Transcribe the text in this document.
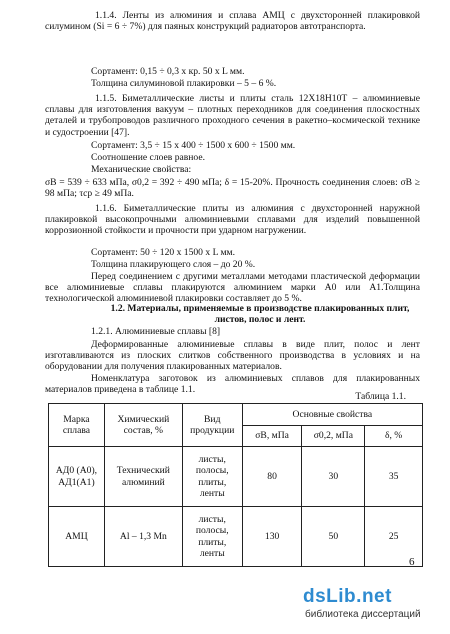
1.1.4. Ленты из алюминия и сплава АМЦ с двухсторонней плакировкой силумином (Si = 6 ÷ 7%) для паяных конструкций радиаторов автотранспорта.

Сортамент: 0,15 ÷ 0,3 х кр. 50 х L мм.

Толщина силуминовой плакировки – 5 – 6 %.

1.1.5. Биметаллические листы и плиты сталь 12Х18Н10Т – алюминиевые сплавы для изготовления вакуум – плотных переходников для соединения плоскостных деталей и трубопроводов различного проходного сечения в ракетно–космической технике и судостроении [47].

Сортамент: 3,5 ÷ 15 х 400 ÷ 1500 х 600 ÷ 1500 мм.

Соотношение слоев равное.

Механические свойства:

σВ = 539 ÷ 633 мПа, σ0,2 = 392 ÷ 490 мПа; δ = 15-20%. Прочность соединения слоев: σВ ≥ 98 мПа; τср ≥ 49 мПа.

1.1.6. Биметаллические плиты из алюминия с двухсторонней наружной плакировкой высокопрочными алюминиевыми сплавами для изделий повышенной коррозионной стойкости и прочности при ударном нагружении.

Сортамент: 50 ÷ 120 х 1500 х L мм.

Толщина плакирующего слоя – до 20 %.

Перед соединением с другими металлами методами пластической деформации все алюминиевые сплавы плакируются алюминием марки А0 или А1.Толщина технологической алюминиевой плакировки составляет до 5 %.

1.2. Материалы, применяемые в производстве плакированных плит, листов, полос и лент.

1.2.1. Алюминиевые сплавы [8]

Деформированные алюминиевые сплавы в виде плит, полос и лент изготавливаются из плоских слитков собственного производства в условиях и на оборудовании для получения плакированных материалов.

Номенклатура заготовок из алюминиевых сплавов для плакированных материалов приведена в таблице 1.1.

Таблица 1.1.
Марка сплава	Химический состав, %	Вид продукции	Основные свойства		
			σВ, мПа	σ0,2, мПа	δ, %
АД0 (А0), АД1(А1)	Технический алюминий	листы, полосы, плиты, ленты	80	30	35
АМЦ	Al – 1,3 Mn	листы, полосы, плиты, ленты	130	50	25
6
dsLib.net
библиотека диссертаций
